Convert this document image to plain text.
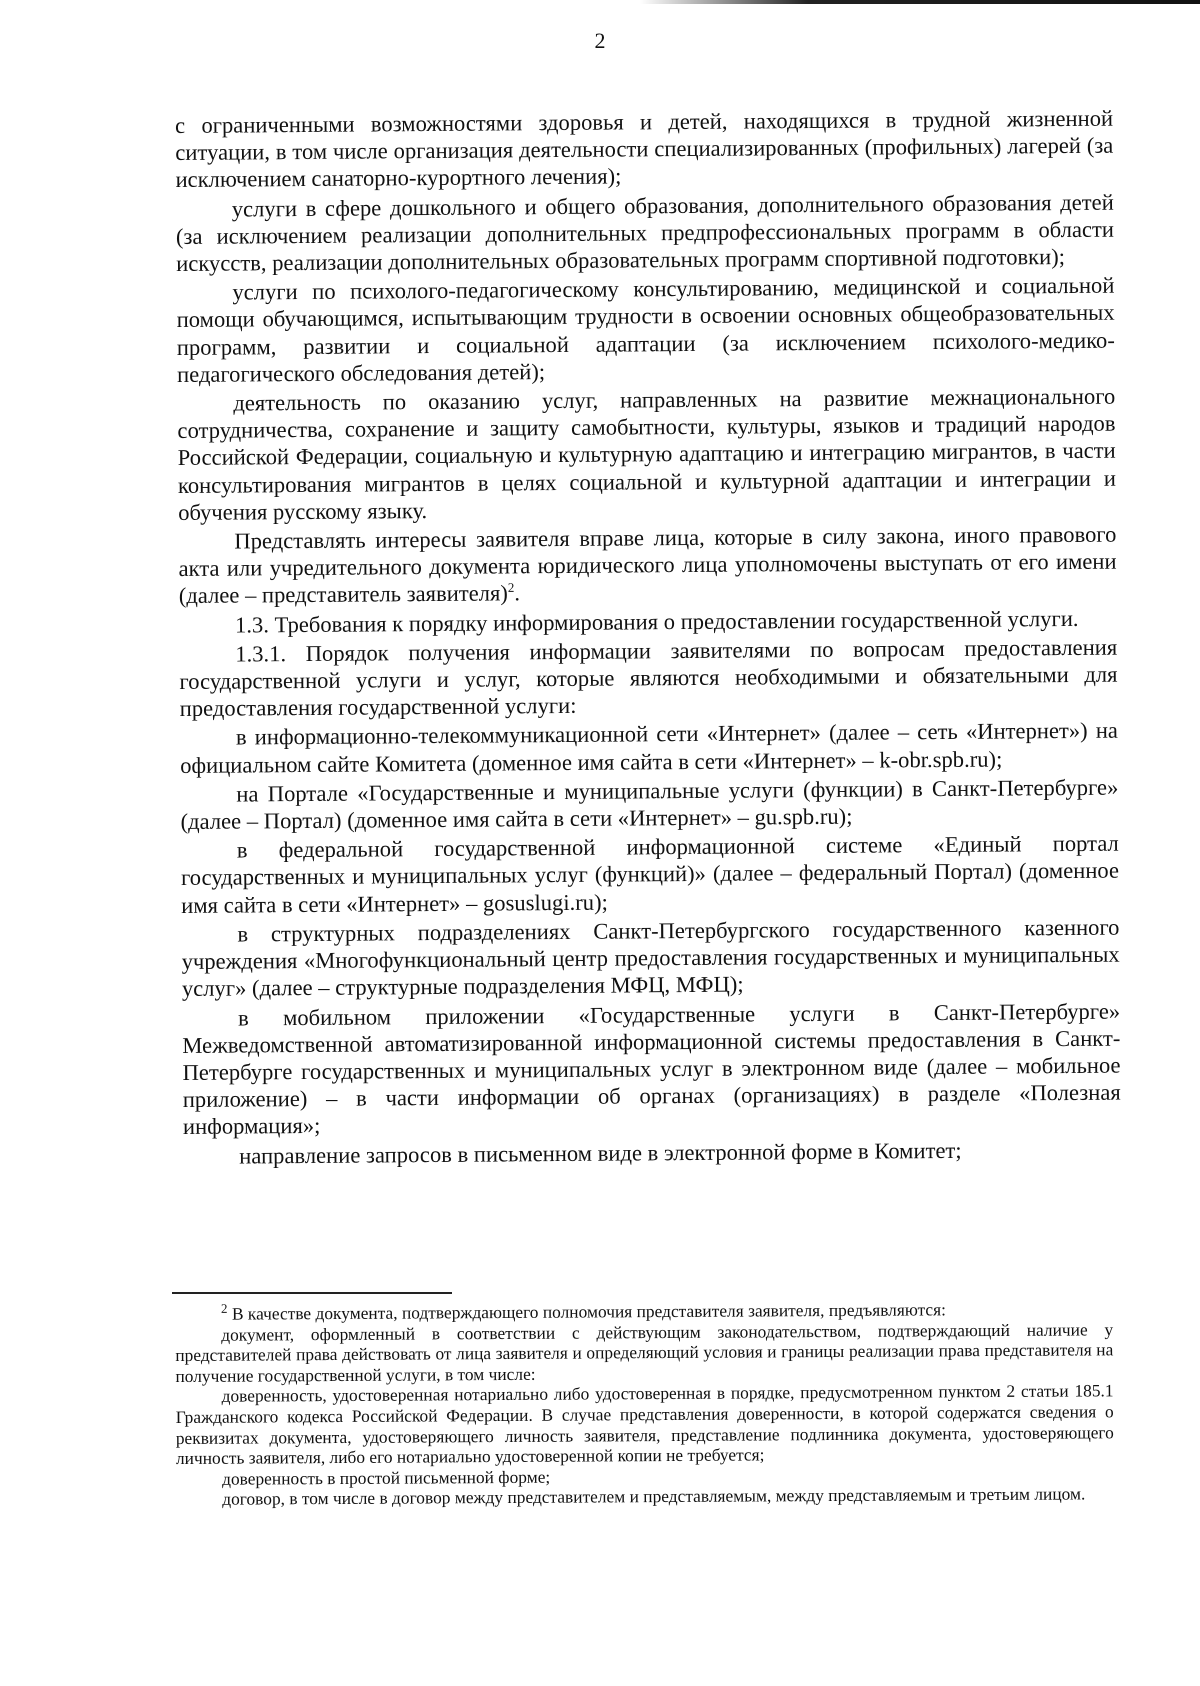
2

с ограниченными возможностями здоровья и детей, находящихся в трудной жизненной ситуации, в том числе организация деятельности специализированных (профильных) лагерей (за исключением санаторно-курортного лечения);

услуги в сфере дошкольного и общего образования, дополнительного образования детей (за исключением реализации дополнительных предпрофессиональных программ в области искусств, реализации дополнительных образовательных программ спортивной подготовки);

услуги по психолого-педагогическому консультированию, медицинской и социальной помощи обучающимся, испытывающим трудности в освоении основных общеобразовательных программ, развитии и социальной адаптации (за исключением психолого-медико-педагогического обследования детей);

деятельность по оказанию услуг, направленных на развитие межнационального сотрудничества, сохранение и защиту самобытности, культуры, языков и традиций народов Российской Федерации, социальную и культурную адаптацию и интеграцию мигрантов, в части консультирования мигрантов в целях социальной и культурной адаптации и интеграции и обучения русскому языку.

Представлять интересы заявителя вправе лица, которые в силу закона, иного правового акта или учредительного документа юридического лица уполномочены выступать от его имени (далее – представитель заявителя)$^2$.

1.3. Требования к порядку информирования о предоставлении государственной услуги.

1.3.1. Порядок получения информации заявителями по вопросам предоставления государственной услуги и услуг, которые являются необходимыми и обязательными для предоставления государственной услуги:

в информационно-телекоммуникационной сети «Интернет» (далее – сеть «Интернет») на официальном сайте Комитета (доменное имя сайта в сети «Интернет» – k-obr.spb.ru);

на Портале «Государственные и муниципальные услуги (функции) в Санкт-Петербурге» (далее – Портал) (доменное имя сайта в сети «Интернет» – gu.spb.ru);

в федеральной государственной информационной системе «Единый портал государственных и муниципальных услуг (функций)» (далее – федеральный Портал) (доменное имя сайта в сети «Интернет» – gosuslugi.ru);

в структурных подразделениях Санкт-Петербургского государственного казенного учреждения «Многофункциональный центр предоставления государственных и муниципальных услуг» (далее – структурные подразделения МФЦ, МФЦ);

в мобильном приложении «Государственные услуги в Санкт-Петербурге» Межведомственной автоматизированной информационной системы предоставления в Санкт-Петербурге государственных и муниципальных услуг в электронном виде (далее – мобильное приложение) – в части информации об органах (организациях) в разделе «Полезная информация»;

направление запросов в письменном виде в электронной форме в Комитет;

$^2$ В качестве документа, подтверждающего полномочия представителя заявителя, предъявляются:

документ, оформленный в соответствии с действующим законодательством, подтверждающий наличие у представителей права действовать от лица заявителя и определяющий условия и границы реализации права представителя на получение государственной услуги, в том числе:

доверенность, удостоверенная нотариально либо удостоверенная в порядке, предусмотренном пунктом 2 статьи 185.1 Гражданского кодекса Российской Федерации. В случае представления доверенности, в которой содержатся сведения о реквизитах документа, удостоверяющего личность заявителя, представление подлинника документа, удостоверяющего личность заявителя, либо его нотариально удостоверенной копии не требуется;

доверенность в простой письменной форме;

договор, в том числе в договор между представителем и представляемым, между представляемым и третьим лицом.
